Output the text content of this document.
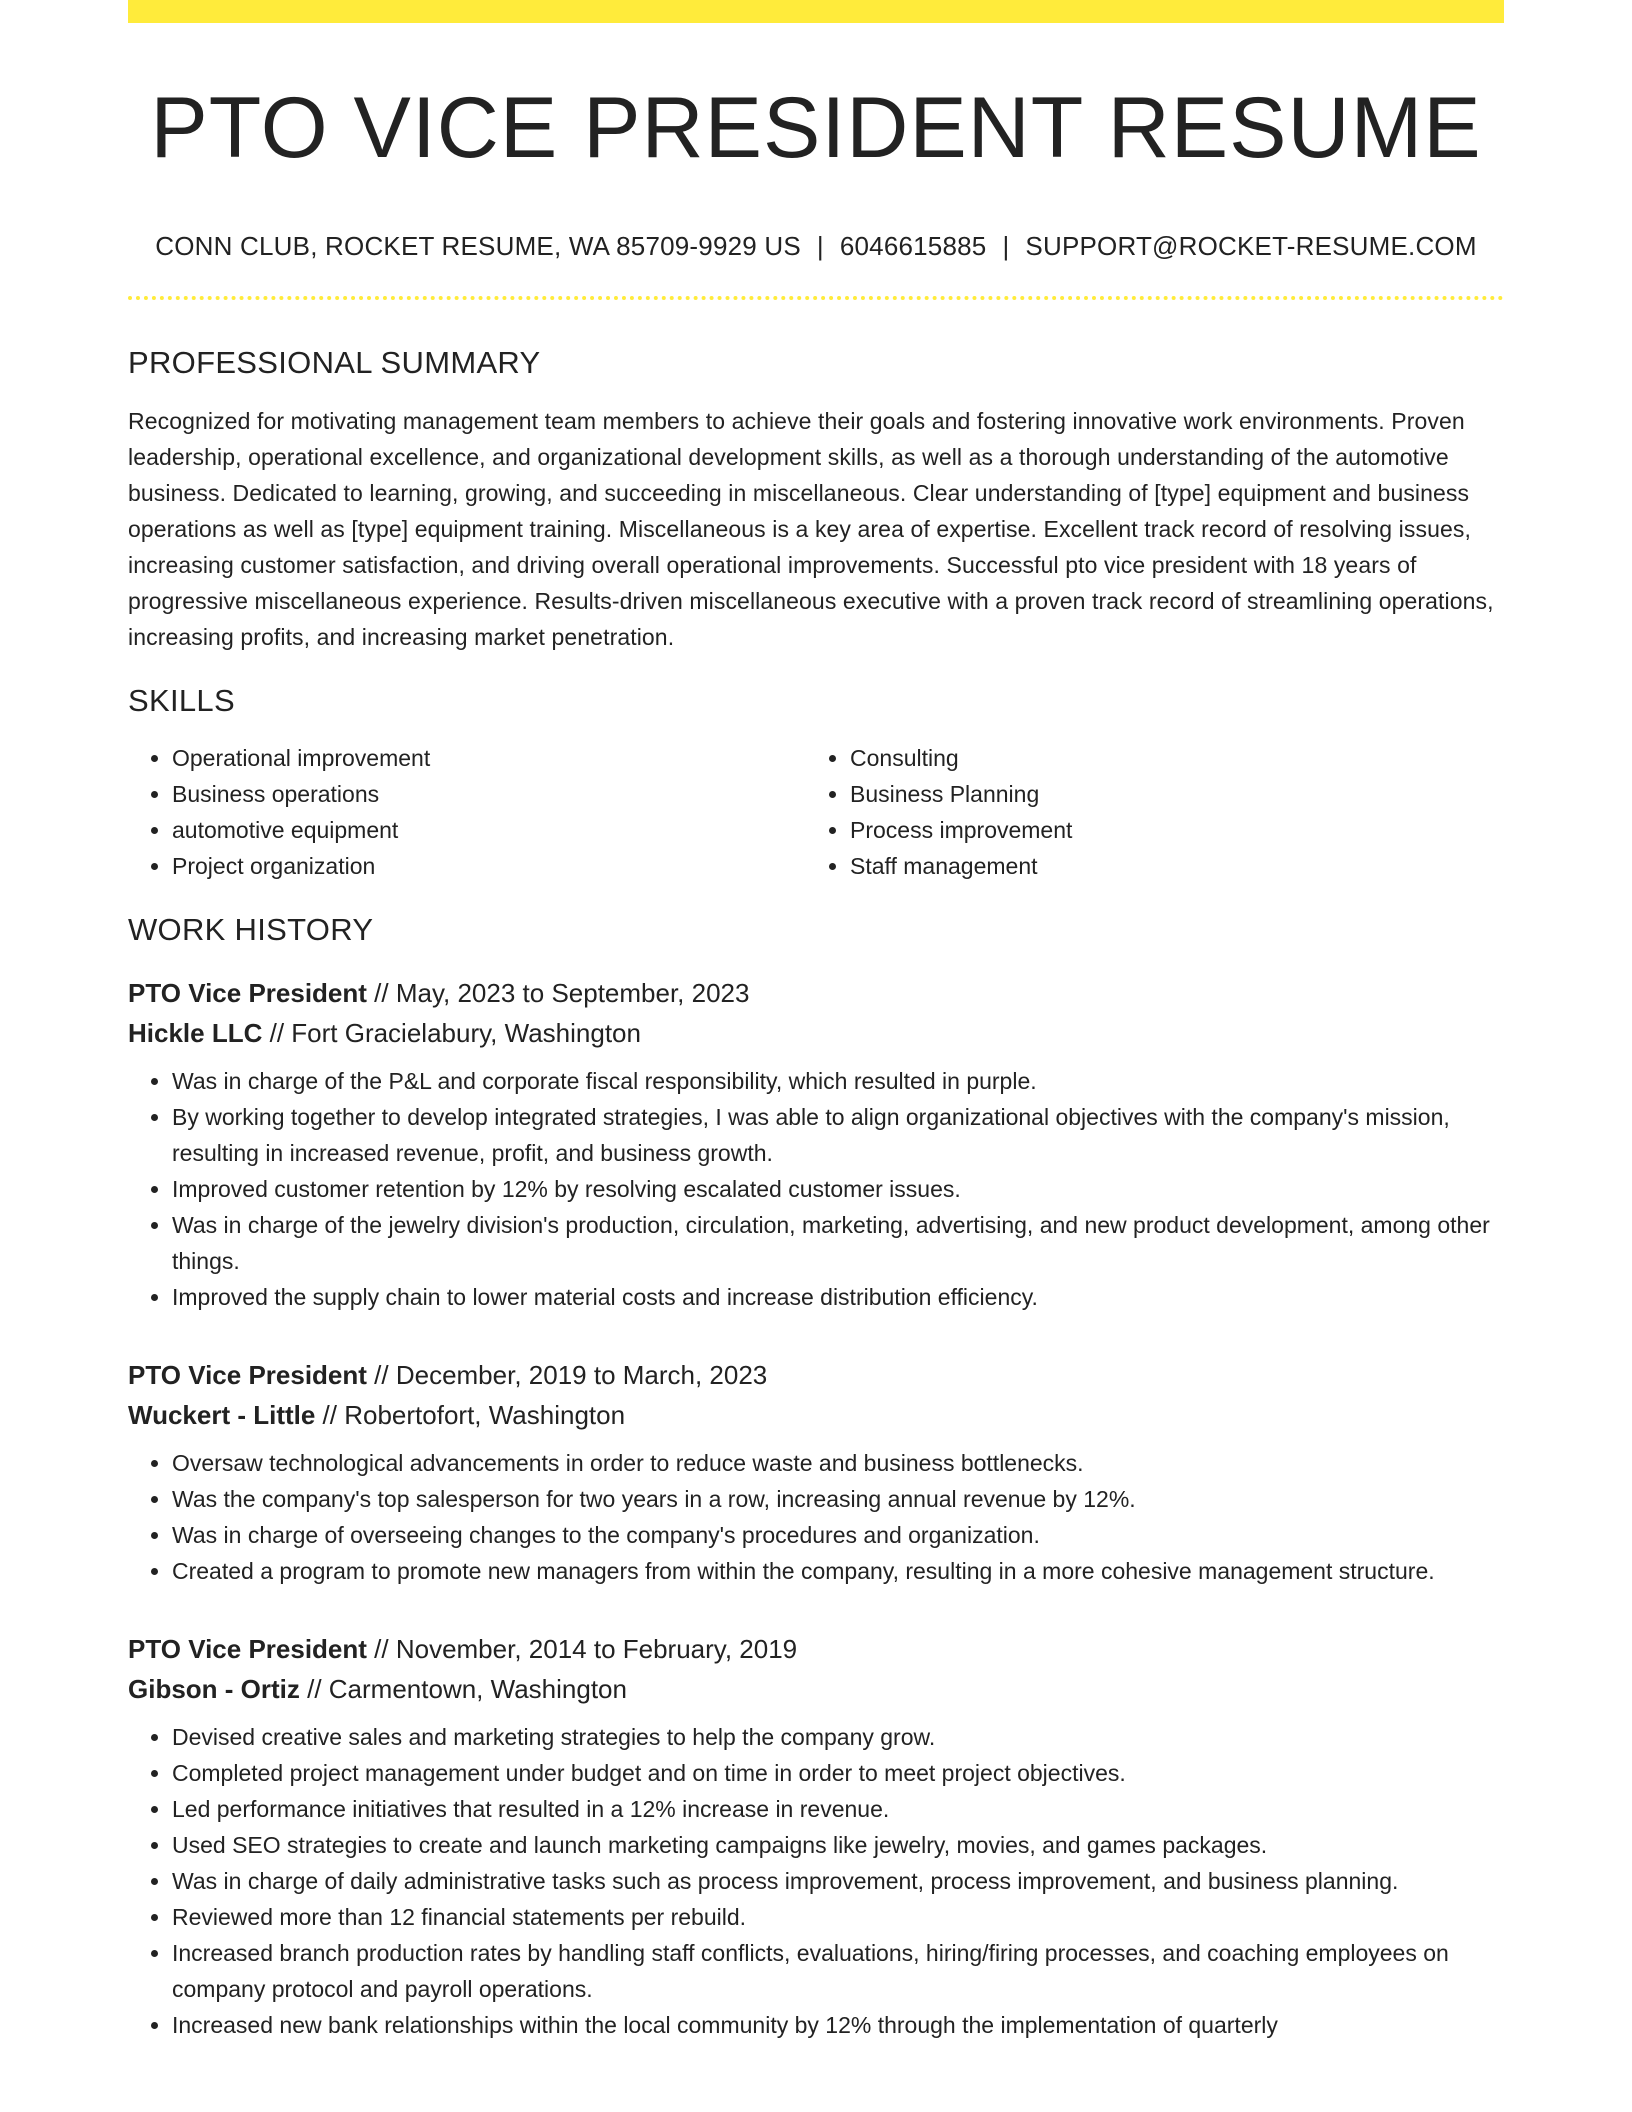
PTO VICE PRESIDENT RESUME
CONN CLUB, ROCKET RESUME, WA 85709-9929 US | 6046615885 | SUPPORT@ROCKET-RESUME.COM
PROFESSIONAL SUMMARY

Recognized for motivating management team members to achieve their goals and fostering innovative work environments. Proven leadership, operational excellence, and organizational development skills, as well as a thorough understanding of the automotive business. Dedicated to learning, growing, and succeeding in miscellaneous. Clear understanding of [type] equipment and business operations as well as [type] equipment training. Miscellaneous is a key area of expertise. Excellent track record of resolving issues, increasing customer satisfaction, and driving overall operational improvements. Successful pto vice president with 18 years of progressive miscellaneous experience. Results-driven miscellaneous executive with a proven track record of streamlining operations, increasing profits, and increasing market penetration.

SKILLS
• Operational improvement
• Business operations
• automotive equipment
• Project organization
• Consulting
• Business Planning
• Process improvement
• Staff management
WORK HISTORY
PTO Vice President // May, 2023 to September, 2023
Hickle LLC // Fort Gracielabury, Washington
• Was in charge of the P&L and corporate fiscal responsibility, which resulted in purple.
• By working together to develop integrated strategies, I was able to align organizational objectives with the company's mission, resulting in increased revenue, profit, and business growth.
• Improved customer retention by 12% by resolving escalated customer issues.
• Was in charge of the jewelry division's production, circulation, marketing, advertising, and new product development, among other things.
• Improved the supply chain to lower material costs and increase distribution efficiency.
PTO Vice President // December, 2019 to March, 2023
Wuckert - Little // Robertofort, Washington
• Oversaw technological advancements in order to reduce waste and business bottlenecks.
• Was the company's top salesperson for two years in a row, increasing annual revenue by 12%.
• Was in charge of overseeing changes to the company's procedures and organization.
• Created a program to promote new managers from within the company, resulting in a more cohesive management structure.
PTO Vice President // November, 2014 to February, 2019
Gibson - Ortiz // Carmentown, Washington
• Devised creative sales and marketing strategies to help the company grow.
• Completed project management under budget and on time in order to meet project objectives.
• Led performance initiatives that resulted in a 12% increase in revenue.
• Used SEO strategies to create and launch marketing campaigns like jewelry, movies, and games packages.
• Was in charge of daily administrative tasks such as process improvement, process improvement, and business planning.
• Reviewed more than 12 financial statements per rebuild.
• Increased branch production rates by handling staff conflicts, evaluations, hiring/firing processes, and coaching employees on company protocol and payroll operations.
• Increased new bank relationships within the local community by 12% through the implementation of quarterly
